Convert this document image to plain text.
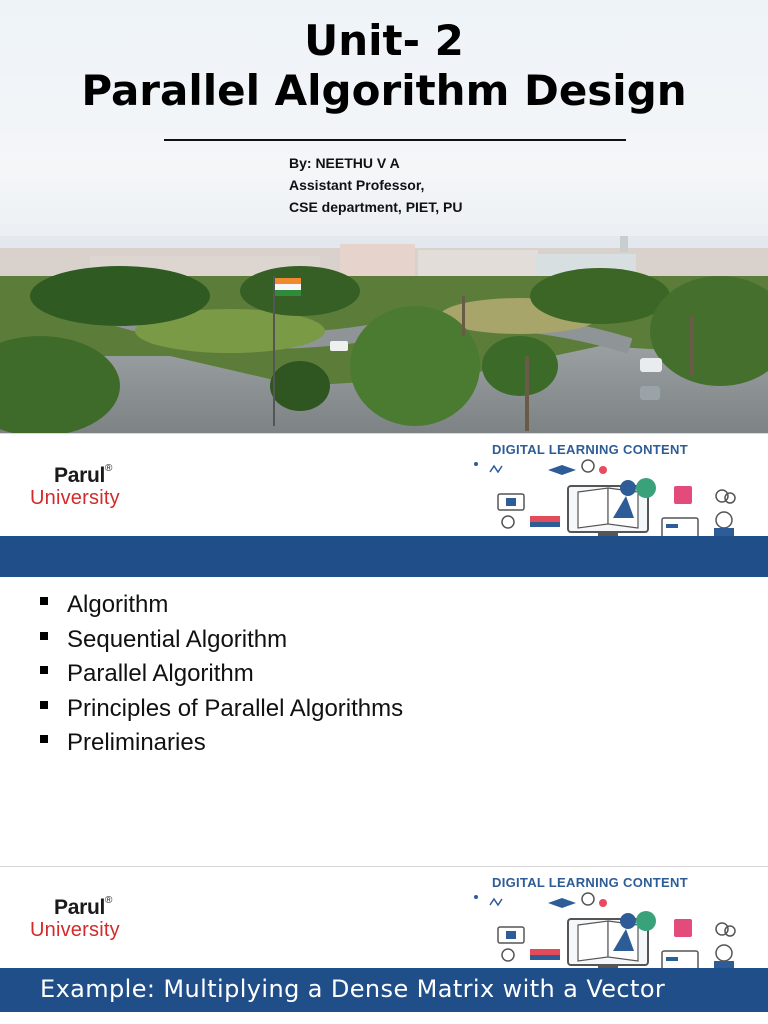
Unit- 2
Parallel Algorithm Design
By: NEETHU V A
Assistant Professor,
CSE department, PIET, PU
Parul®
University
DIGITAL LEARNING CONTENT
Algorithm
Sequential Algorithm
Parallel Algorithm
Principles of Parallel Algorithms
Preliminaries
Parul®
University
DIGITAL LEARNING CONTENT
Example: Multiplying a Dense Matrix with a Vector
